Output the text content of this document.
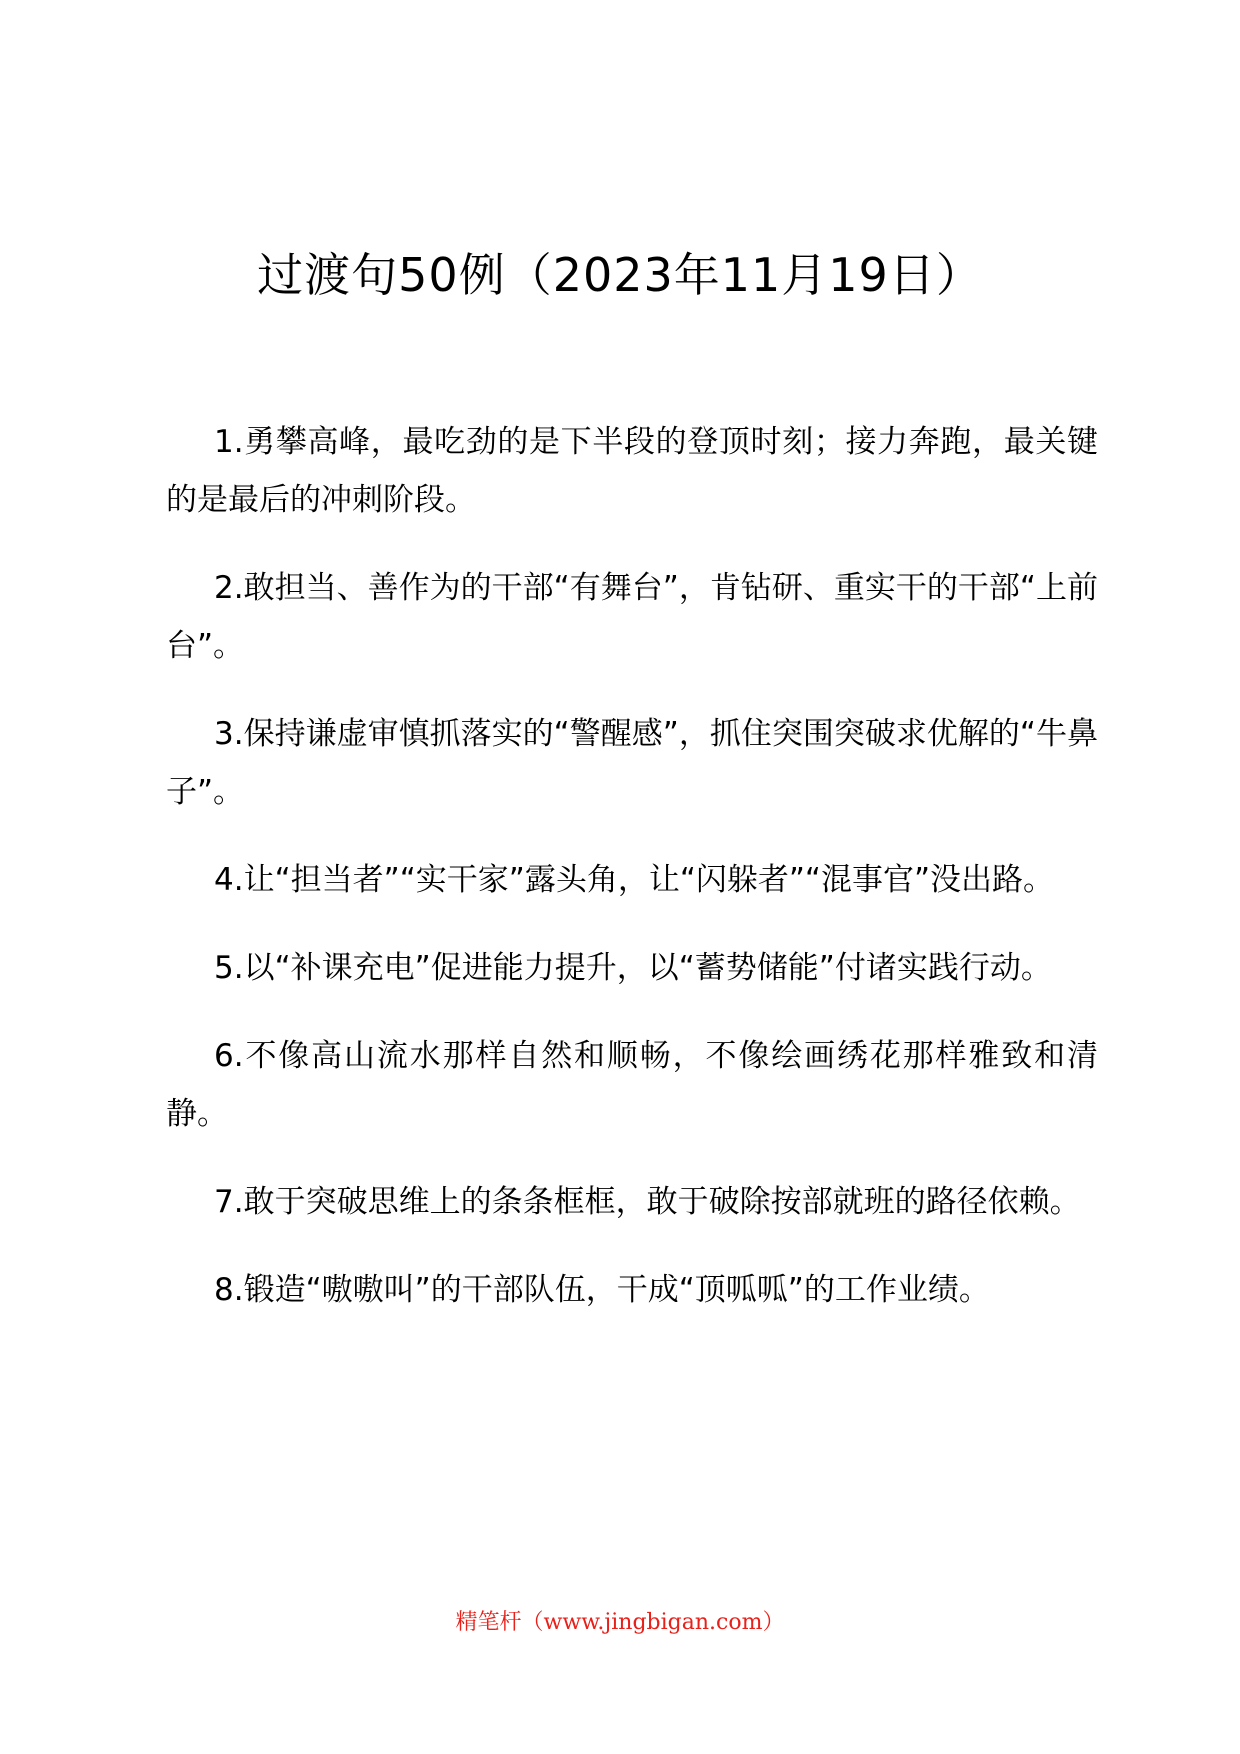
过渡句50例（2023年11月19日）

1.勇攀高峰，最吃劲的是下半段的登顶时刻；接力奔跑，最关键的是最后的冲刺阶段。

2.敢担当、善作为的干部“有舞台”，肯钻研、重实干的干部“上前台”。

3.保持谦虚审慎抓落实的“警醒感”，抓住突围突破求优解的“牛鼻子”。

4.让“担当者”“实干家”露头角，让“闪躲者”“混事官”没出路。

5.以“补课充电”促进能力提升，以“蓄势储能”付诸实践行动。

6.不像高山流水那样自然和顺畅，不像绘画绣花那样雅致和清静。

7.敢于突破思维上的条条框框，敢于破除按部就班的路径依赖。

8.锻造“嗷嗷叫”的干部队伍，干成“顶呱呱”的工作业绩。

精笔杆（www.jingbigan.com）
